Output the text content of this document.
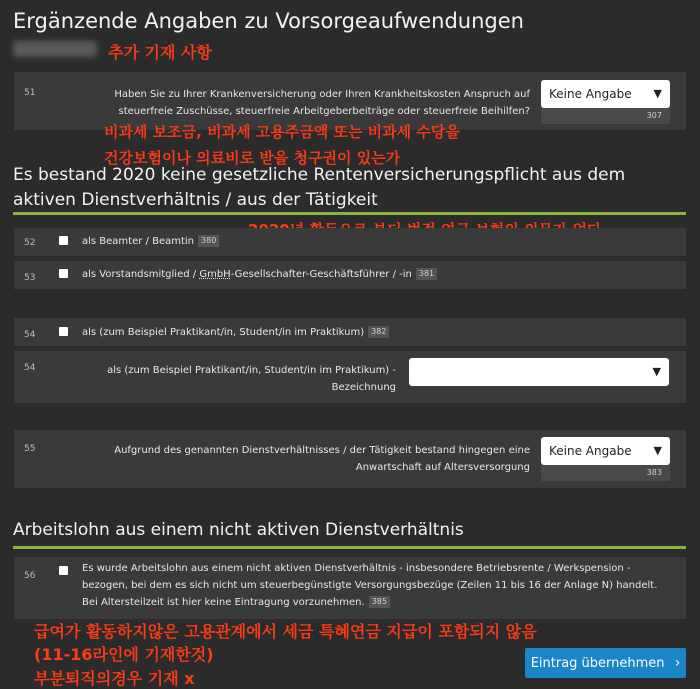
Ergänzende Angaben zu Vorsorgeaufwendungen
추가 기재 사항
51	Haben Sie zu Ihrer Krankenversicherung oder Ihren Krankheitskosten Anspruch auf
steuerfreie Zuschüsse, steuerfreie Arbeitgeberbeiträge oder steuerfreie Beihilfen?
Keine Angabe ▼
307
비과세 보조금, 비과세 고용주금액 또는 비과세 수당을
건강보험이나 의료비로 받을 청구권이 있는가
Es bestand 2020 keine gesetzliche Rentenversicherungspflicht aus dem
aktiven Dienstverhältnis / aus der Tätigkeit
52	als Beamter / Beamtin 380
53	als Vorstandsmitglied / GmbH-Gesellschafter-Geschäftsführer / -in 381
54	als (zum Beispiel Praktikant/in, Student/in im Praktikum) 382
54	als (zum Beispiel Praktikant/in, Student/in im Praktikum) -
Bezeichnung
▼
55	Aufgrund des genannten Dienstverhältnisses / der Tätigkeit bestand hingegen eine
Anwartschaft auf Altersversorgung
Keine Angabe ▼
383
Arbeitslohn aus einem nicht aktiven Dienstverhältnis
56
Es wurde Arbeitslohn aus einem nicht aktiven Dienstverhältnis - insbesondere Betriebsrente / Werkspension -
bezogen, bei dem es sich nicht um steuerbegünstigte Versorgungsbezüge (Zeilen 11 bis 16 der Anlage N) handelt.
Bei Altersteilzeit ist hier keine Eintragung vorzunehmen. 385
급여가 활동하지않은 고용관계에서 세금 특혜연금 지급이 포함되지 않음
(11-16라인에 기재한것)
부분퇴직의경우 기재 x
Eintrag übernehmen ›
